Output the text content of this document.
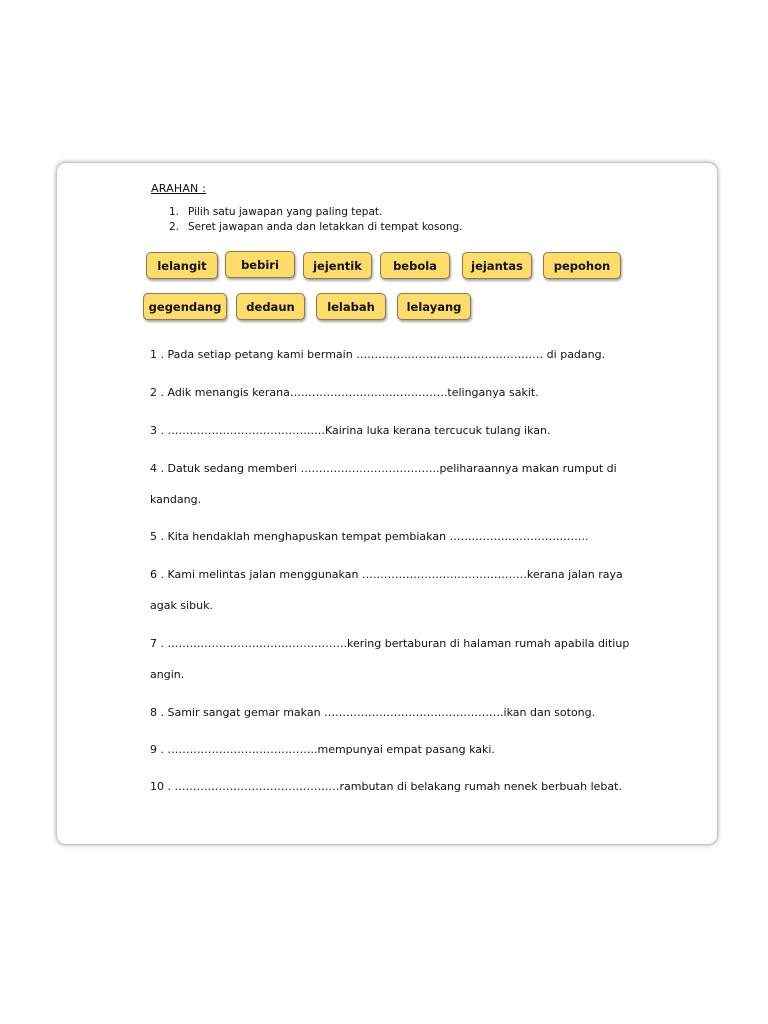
ARAHAN :
1. Pilih satu jawapan yang paling tepat.
2. Seret jawapan anda dan letakkan di tempat kosong.
lelangit	bebiri	jejentik	bebola	jejantas	pepohon
gegendang	dedaun	lelabah	lelayang

1 . Pada setiap petang kami bermain …………………………………………… di padang.

2 . Adik menangis kerana…………………………………….telinganya sakit.

3 . ………………………………….…Kairina luka kerana tercucuk tulang ikan.

4 . Datuk sedang memberi ………………………………..peliharaannya makan rumput di kandang.

5 . Kita hendaklah menghapuskan tempat pembiakan ………………………………..

6 . Kami melintas jalan menggunakan ………………………………………kerana jalan raya agak sibuk.

7 . ………………………………………….kering bertaburan di halaman rumah apabila ditiup angin.

8 . Samir sangat gemar makan ………………………………………….ikan dan sotong.

9 . …………………………………..mempunyai empat pasang kaki.

10 . ………………………………………rambutan di belakang rumah nenek berbuah lebat.
